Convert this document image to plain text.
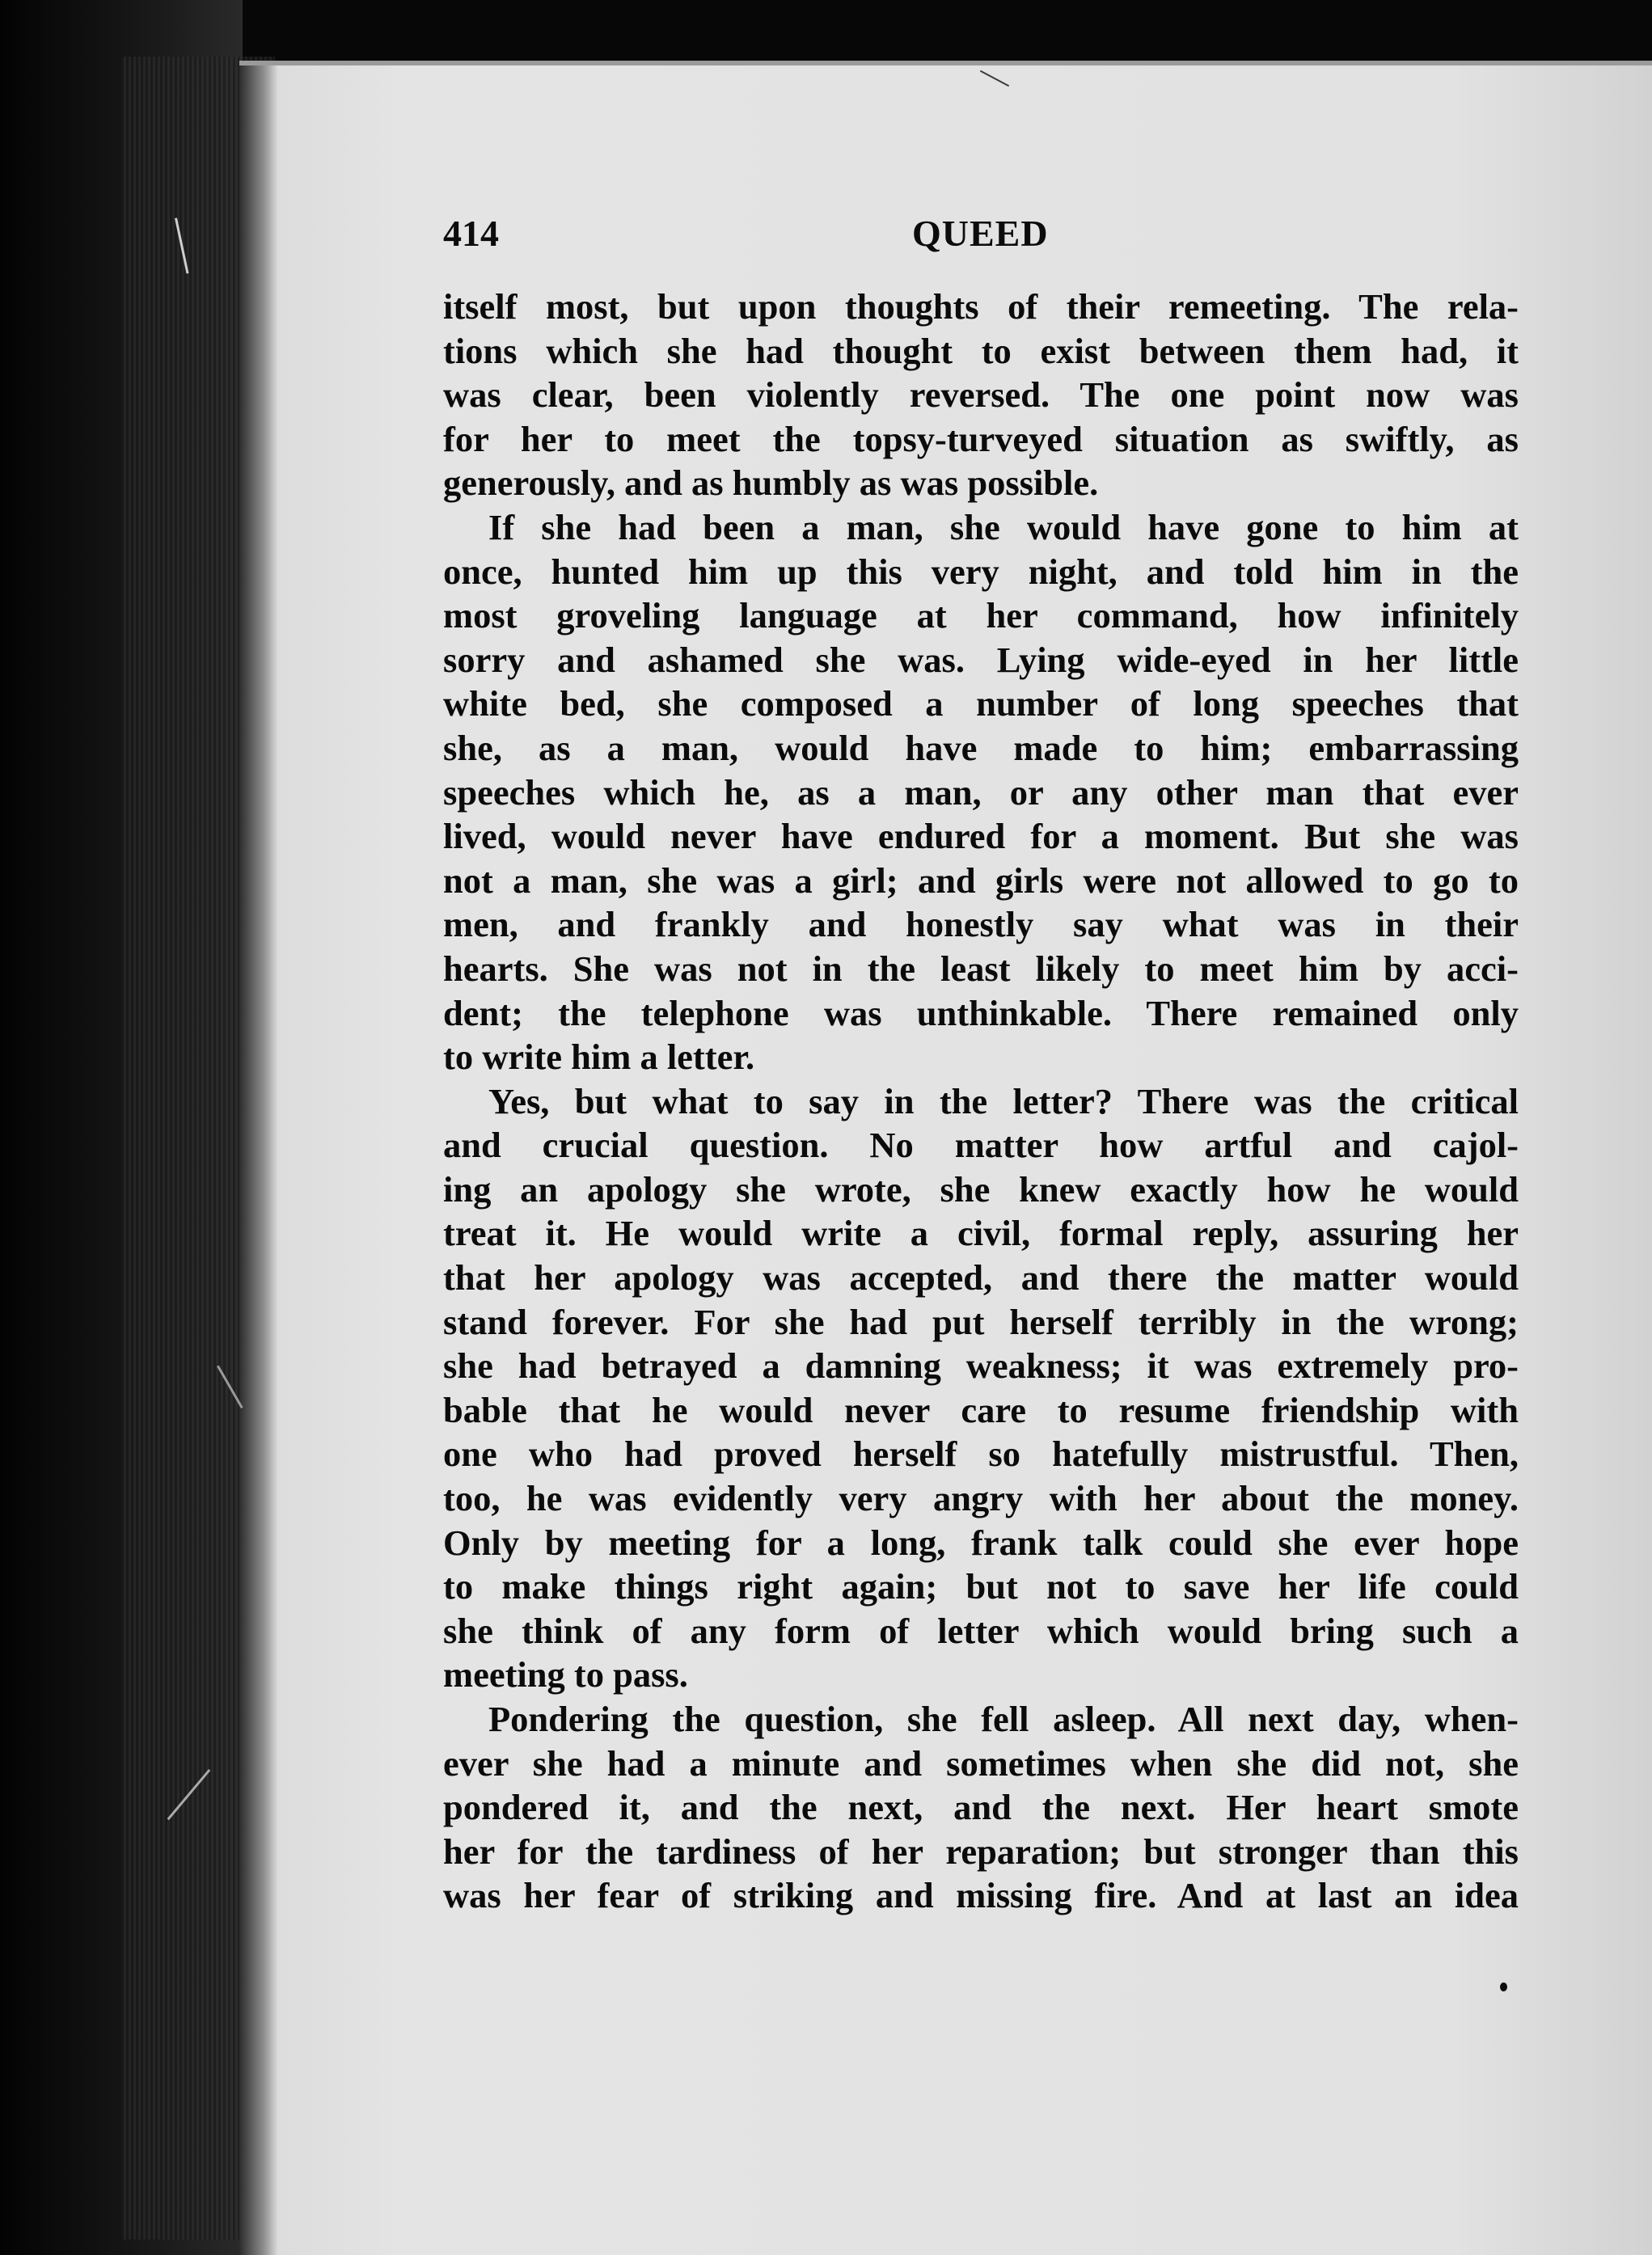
414	QUEED
itself most, but upon thoughts of their remeeting. The rela-
tions which she had thought to exist between them had, it
was clear, been violently reversed. The one point now was
for her to meet the topsy-turveyed situation as swiftly, as
generously, and as humbly as was possible.
If she had been a man, she would have gone to him at
once, hunted him up this very night, and told him in the
most groveling language at her command, how infinitely
sorry and ashamed she was. Lying wide-eyed in her little
white bed, she composed a number of long speeches that
she, as a man, would have made to him; embarrassing
speeches which he, as a man, or any other man that ever
lived, would never have endured for a moment. But she was
not a man, she was a girl; and girls were not allowed to go to
men, and frankly and honestly say what was in their
hearts. She was not in the least likely to meet him by acci-
dent; the telephone was unthinkable. There remained only
to write him a letter.
Yes, but what to say in the letter? There was the critical
and crucial question. No matter how artful and cajol-
ing an apology she wrote, she knew exactly how he would
treat it. He would write a civil, formal reply, assuring her
that her apology was accepted, and there the matter would
stand forever. For she had put herself terribly in the wrong;
she had betrayed a damning weakness; it was extremely pro-
bable that he would never care to resume friendship with
one who had proved herself so hatefully mistrustful. Then,
too, he was evidently very angry with her about the money.
Only by meeting for a long, frank talk could she ever hope
to make things right again; but not to save her life could
she think of any form of letter which would bring such a
meeting to pass.
Pondering the question, she fell asleep. All next day, when-
ever she had a minute and sometimes when she did not, she
pondered it, and the next, and the next. Her heart smote
her for the tardiness of her reparation; but stronger than this
was her fear of striking and missing fire. And at last an idea
